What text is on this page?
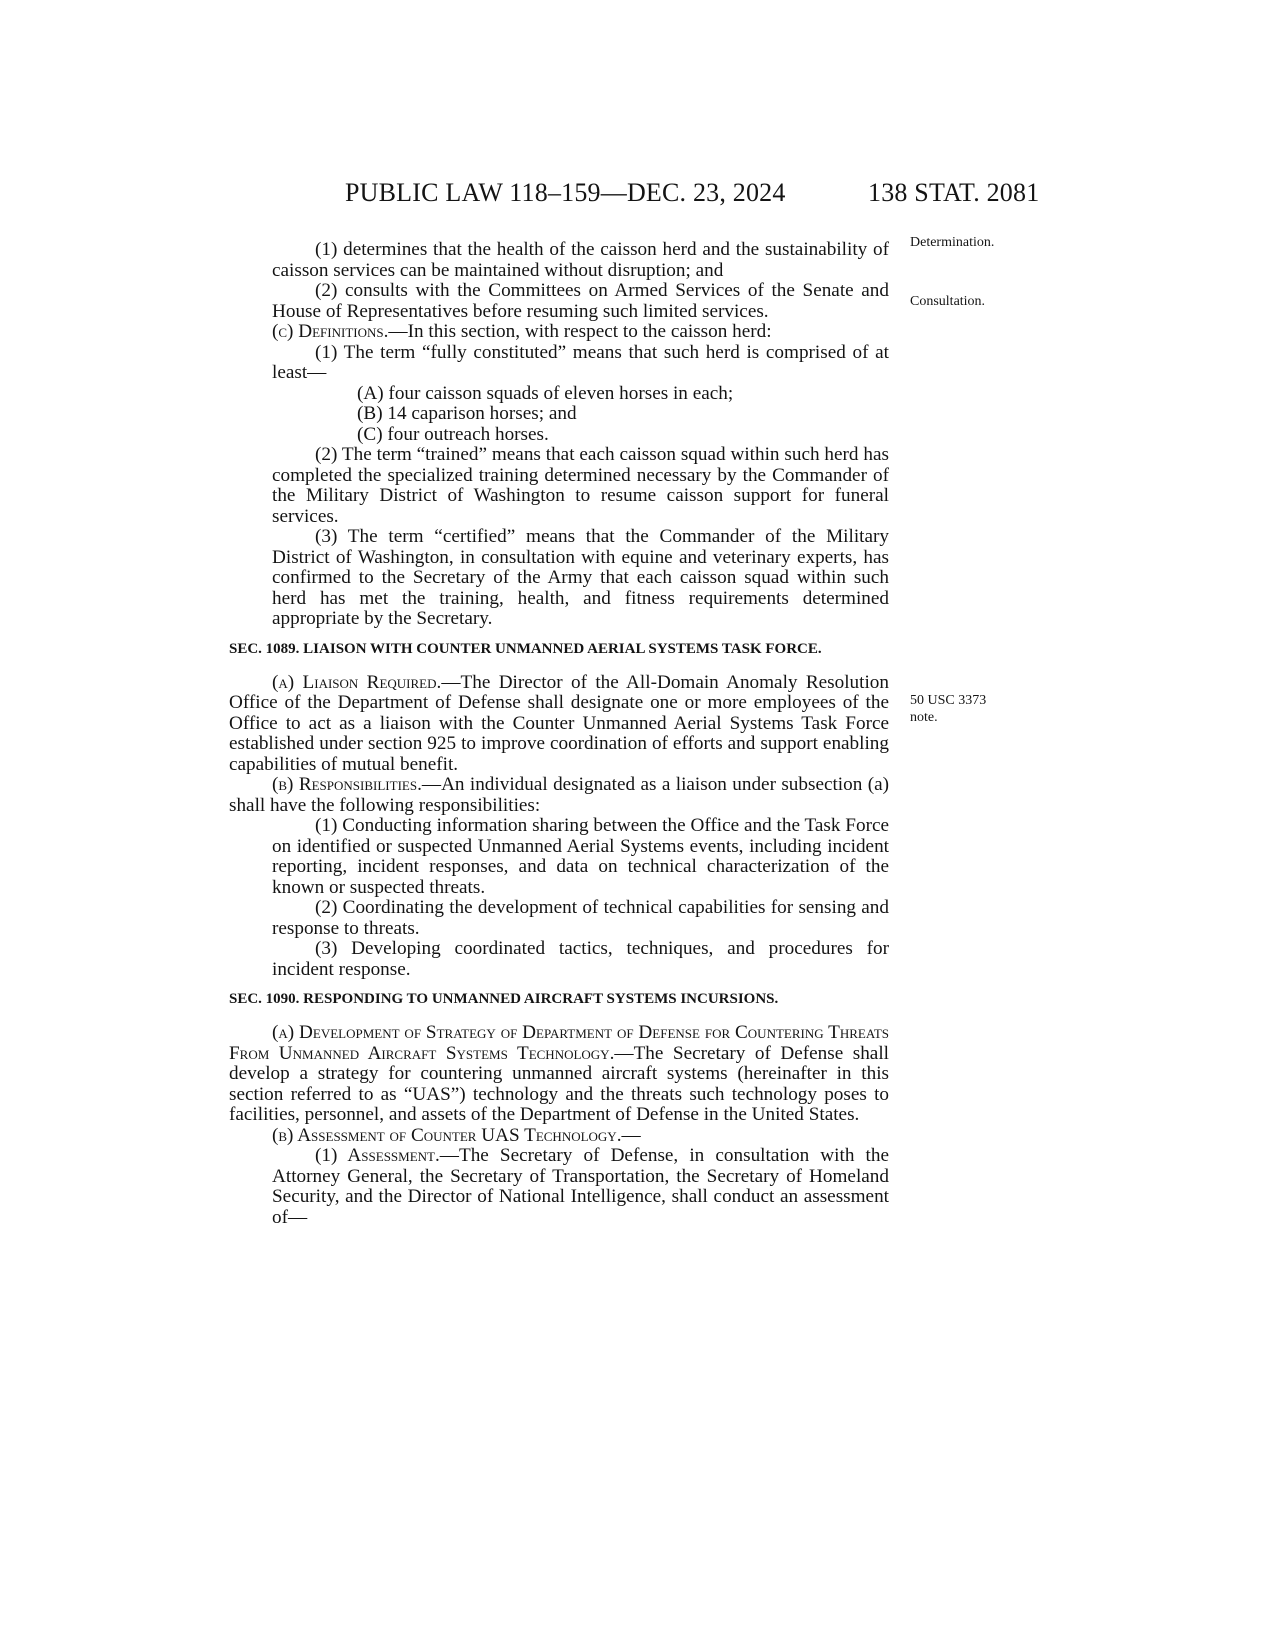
PUBLIC LAW 118–159—DEC. 23, 2024	138 STAT. 2081
Determination.
Consultation.
50 USC 3373
note.

(1) determines that the health of the caisson herd and the sustainability of caisson services can be maintained without disruption; and

(2) consults with the Committees on Armed Services of the Senate and House of Representatives before resuming such limited services.

(c) Definitions.—In this section, with respect to the caisson herd:

(1) The term “fully constituted” means that such herd is comprised of at least—

(A) four caisson squads of eleven horses in each;

(B) 14 caparison horses; and

(C) four outreach horses.

(2) The term “trained” means that each caisson squad within such herd has completed the specialized training determined necessary by the Commander of the Military District of Washington to resume caisson support for funeral services.

(3) The term “certified” means that the Commander of the Military District of Washington, in consultation with equine and veterinary experts, has confirmed to the Secretary of the Army that each caisson squad within such herd has met the training, health, and fitness requirements determined appropriate by the Secretary.

SEC. 1089. LIAISON WITH COUNTER UNMANNED AERIAL SYSTEMS TASK FORCE.

(a) Liaison Required.—The Director of the All-Domain Anomaly Resolution Office of the Department of Defense shall designate one or more employees of the Office to act as a liaison with the Counter Unmanned Aerial Systems Task Force established under section 925 to improve coordination of efforts and support enabling capabilities of mutual benefit.

(b) Responsibilities.—An individual designated as a liaison under subsection (a) shall have the following responsibilities:

(1) Conducting information sharing between the Office and the Task Force on identified or suspected Unmanned Aerial Systems events, including incident reporting, incident responses, and data on technical characterization of the known or suspected threats.

(2) Coordinating the development of technical capabilities for sensing and response to threats.

(3) Developing coordinated tactics, techniques, and procedures for incident response.

SEC. 1090. RESPONDING TO UNMANNED AIRCRAFT SYSTEMS INCURSIONS.

(a) Development of Strategy of Department of Defense for Countering Threats From Unmanned Aircraft Systems Technology.—The Secretary of Defense shall develop a strategy for countering unmanned aircraft systems (hereinafter in this section referred to as “UAS”) technology and the threats such technology poses to facilities, personnel, and assets of the Department of Defense in the United States.

(b) Assessment of Counter UAS Technology.—

(1) Assessment.—The Secretary of Defense, in consultation with the Attorney General, the Secretary of Transportation, the Secretary of Homeland Security, and the Director of National Intelligence, shall conduct an assessment of—
